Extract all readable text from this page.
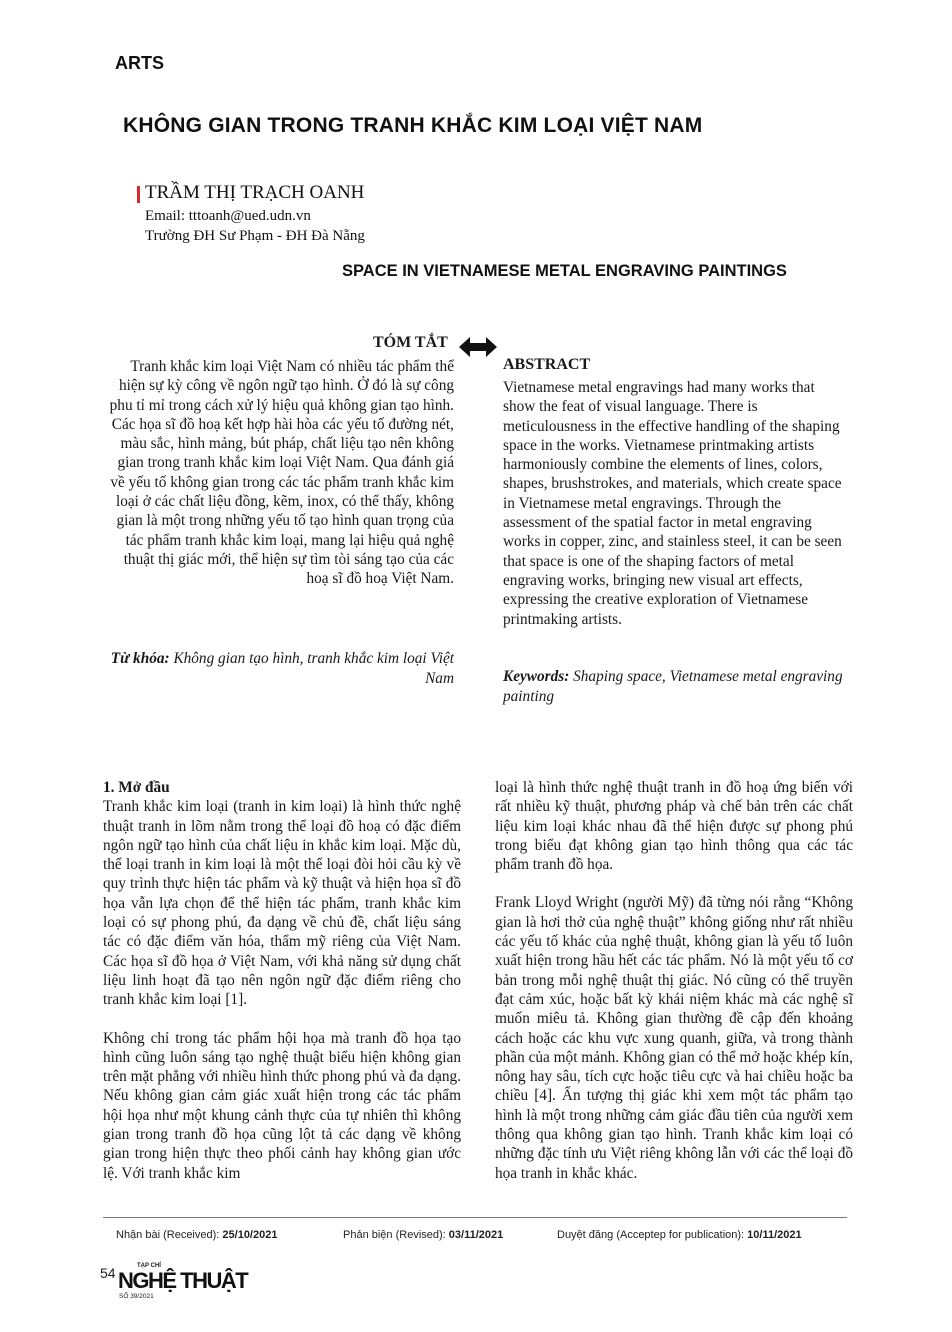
ARTS
KHÔNG GIAN TRONG TRANH KHẮC KIM LOẠI VIỆT NAM
TRẦM THỊ TRẠCH OANH
Email: tttoanh@ued.udn.vn
Trường ĐH Sư Phạm - ĐH Đà Nẵng
SPACE IN VIETNAMESE METAL ENGRAVING PAINTINGS
TÓM TẮT
ABSTRACT
Tranh khắc kim loại Việt Nam có nhiều tác phẩm thể hiện sự kỳ công về ngôn ngữ tạo hình. Ở đó là sự công phu tỉ mỉ trong cách xử lý hiệu quả không gian tạo hình. Các họa sĩ đồ hoạ kết hợp hài hòa các yếu tố đường nét, màu sắc, hình mảng, bút pháp, chất liệu tạo nên không gian trong tranh khắc kim loại Việt Nam. Qua đánh giá về yếu tố không gian trong các tác phẩm tranh khắc kim loại ở các chất liệu đồng, kẽm, inox, có thể thấy, không gian là một trong những yếu tố tạo hình quan trọng của tác phẩm tranh khắc kim loại, mang lại hiệu quả nghệ thuật thị giác mới, thể hiện sự tìm tòi sáng tạo của các hoạ sĩ đồ hoạ Việt Nam.
Vietnamese metal engravings had many works that show the feat of visual language. There is meticulousness in the effective handling of the shaping space in the works. Vietnamese printmaking artists harmoniously combine the elements of lines, colors, shapes, brushstrokes, and materials, which create space in Vietnamese metal engravings. Through the assessment of the spatial factor in metal engraving works in copper, zinc, and stainless steel, it can be seen that space is one of the shaping factors of metal engraving works, bringing new visual art effects, expressing the creative exploration of Vietnamese printmaking artists.
Từ khóa: Không gian tạo hình, tranh khắc kim loại Việt Nam	Keywords: Shaping space, Vietnamese metal engraving painting

1. Mở đầu

Tranh khắc kim loại (tranh in kim loại) là hình thức nghệ thuật tranh in lõm nằm trong thể loại đồ hoạ có đặc điểm ngôn ngữ tạo hình của chất liệu in khắc kim loại. Mặc dù, thể loại tranh in kim loại là một thể loại đòi hỏi cầu kỳ về quy trình thực hiện tác phẩm và kỹ thuật và hiện họa sĩ đồ họa vẫn lựa chọn để thể hiện tác phẩm, tranh khắc kim loại có sự phong phú, đa dạng về chủ đề, chất liệu sáng tác có đặc điểm văn hóa, thẩm mỹ riêng của Việt Nam. Các họa sĩ đồ họa ở Việt Nam, với khả năng sử dụng chất liệu linh hoạt đã tạo nên ngôn ngữ đặc điểm riêng cho tranh khắc kim loại [1].

Không chỉ trong tác phẩm hội họa mà tranh đồ họa tạo hình cũng luôn sáng tạo nghệ thuật biểu hiện không gian trên mặt phẳng với nhiều hình thức phong phú và đa dạng. Nếu không gian cảm giác xuất hiện trong các tác phẩm hội họa như một khung cảnh thực của tự nhiên thì không gian trong tranh đồ họa cũng lột tả các dạng về không gian trong hiện thực theo phối cảnh hay không gian ước lệ. Với tranh khắc kim

loại là hình thức nghệ thuật tranh in đồ hoạ ứng biến với rất nhiều kỹ thuật, phương pháp và chế bản trên các chất liệu kim loại khác nhau đã thể hiện được sự phong phú trong biểu đạt không gian tạo hình thông qua các tác phẩm tranh đồ họa.

Frank Lloyd Wright (người Mỹ) đã từng nói rằng “Không gian là hơi thở của nghệ thuật” không giống như rất nhiều các yếu tố khác của nghệ thuật, không gian là yếu tố luôn xuất hiện trong hầu hết các tác phẩm. Nó là một yếu tố cơ bản trong mỗi nghệ thuật thị giác. Nó cũng có thể truyền đạt cảm xúc, hoặc bất kỳ khái niệm khác mà các nghệ sĩ muốn miêu tả. Không gian thường đề cập đến khoảng cách hoặc các khu vực xung quanh, giữa, và trong thành phần của một mảnh. Không gian có thể mở hoặc khép kín, nông hay sâu, tích cực hoặc tiêu cực và hai chiều hoặc ba chiều [4]. Ấn tượng thị giác khi xem một tác phẩm tạo hình là một trong những cảm giác đầu tiên của người xem thông qua không gian tạo hình. Tranh khắc kim loại có những đặc tính ưu Việt riêng không lẫn với các thể loại đồ họa tranh in khắc khác.

Nhận bài (Received): 25/10/2021	Phản biện (Revised): 03/11/2021	Duyệt đăng (Acceptep for publication): 10/11/2021
54	TẠP CHÍ
NGHỆ THUẬT
SỐ 39/2021
